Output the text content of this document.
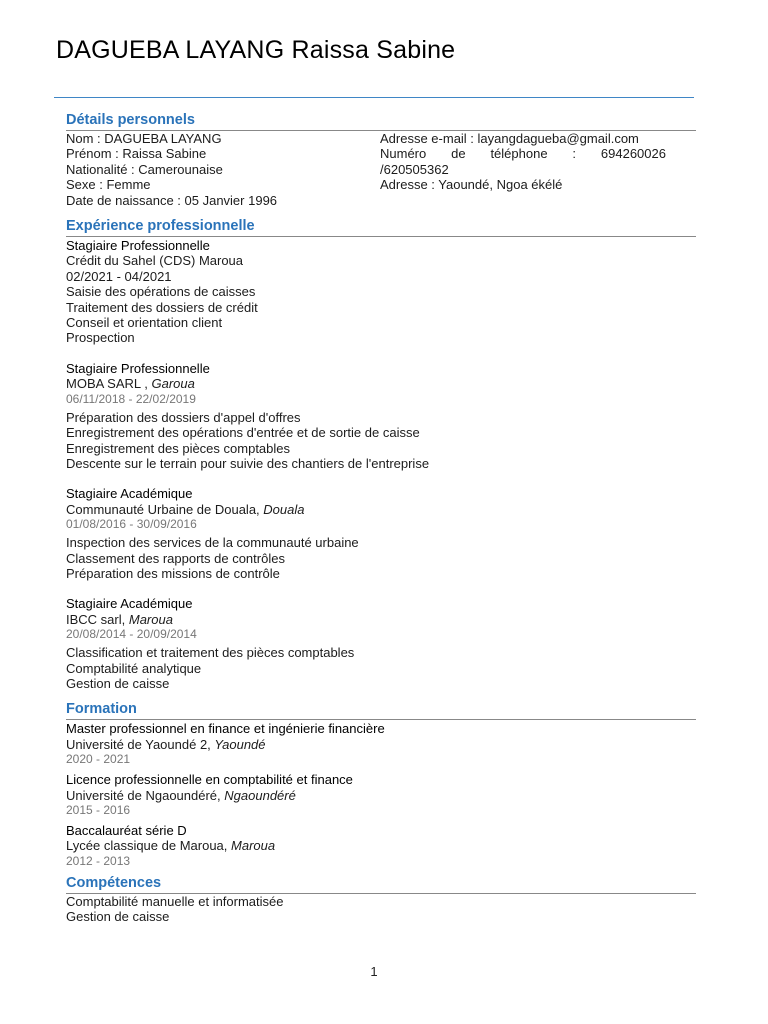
DAGUEBA LAYANG Raissa Sabine
Détails personnels

Nom : DAGUEBA LAYANG

Prénom : Raissa Sabine

Nationalité : Camerounaise

Sexe : Femme

Date de naissance : 05 Janvier 1996

Adresse e-mail : layangdagueba@gmail.com

Numéro de téléphone : 694260026

/620505362

Adresse : Yaoundé, Ngoa ékélé

Expérience professionnelle

Stagiaire Professionnelle

Crédit du Sahel (CDS) Maroua

02/2021 - 04/2021

Saisie des opérations de caisses

Traitement des dossiers de crédit

Conseil et orientation client

Prospection

Stagiaire Professionnelle

MOBA SARL , Garoua

06/11/2018 - 22/02/2019

Préparation des dossiers d'appel d'offres

Enregistrement des opérations d'entrée et de sortie de caisse

Enregistrement des pièces comptables

Descente sur le terrain pour suivie des chantiers de l'entreprise

Stagiaire Académique

Communauté Urbaine de Douala, Douala

01/08/2016 - 30/09/2016

Inspection des services de la communauté urbaine

Classement des rapports de contrôles

Préparation des missions de contrôle

Stagiaire Académique

IBCC sarl, Maroua

20/08/2014 - 20/09/2014

Classification et traitement des pièces comptables

Comptabilité analytique

Gestion de caisse

Formation

Master professionnel en finance et ingénierie financière

Université de Yaoundé 2, Yaoundé

2020 - 2021

Licence professionnelle en comptabilité et finance

Université de Ngaoundéré, Ngaoundéré

2015 - 2016

Baccalauréat série D

Lycée classique de Maroua, Maroua

2012 - 2013

Compétences

Comptabilité manuelle et informatisée

Gestion de caisse

1
